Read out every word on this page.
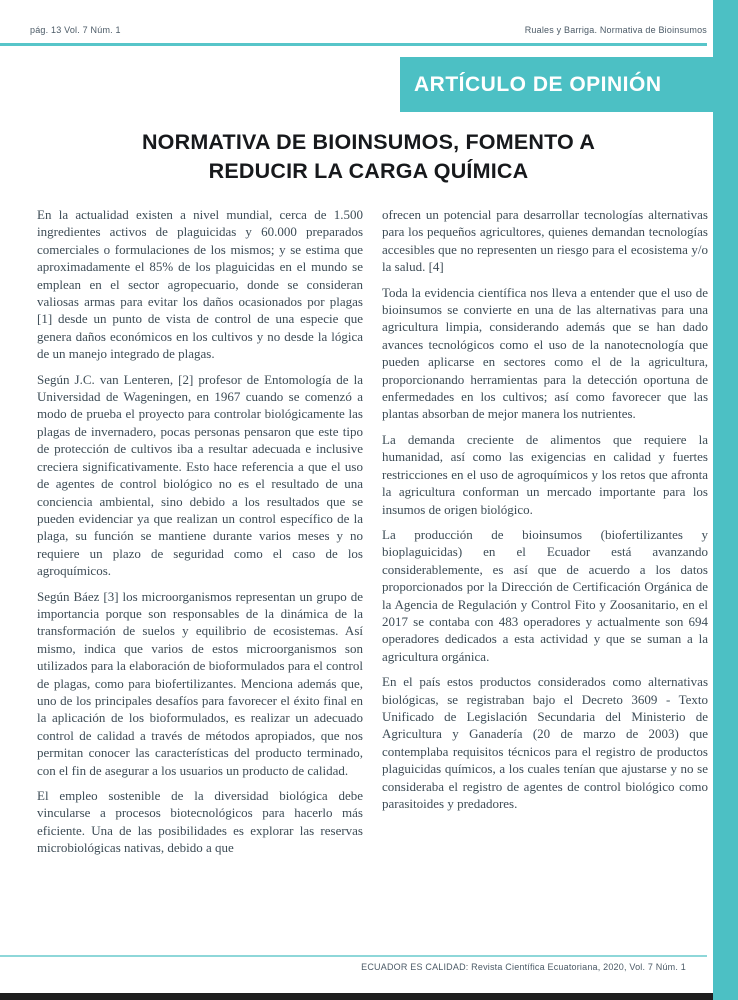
pág. 13 Vol. 7 Núm. 1	Ruales y Barriga. Normativa de Bioinsumos
ARTÍCULO DE OPINIÓN
NORMATIVA DE BIOINSUMOS, FOMENTO A
REDUCIR LA CARGA QUÍMICA

En la actualidad existen a nivel mundial, cerca de 1.500 ingredientes activos de plaguicidas y 60.000 preparados comerciales o formulaciones de los mismos; y se estima que aproximadamente el 85% de los plaguicidas en el mundo se emplean en el sector agropecuario, donde se consideran valiosas armas para evitar los daños ocasionados por plagas [1] desde un punto de vista de control de una especie que genera daños económicos en los cultivos y no desde la lógica de un manejo integrado de plagas.

Según J.C. van Lenteren, [2] profesor de Entomología de la Universidad de Wageningen, en 1967 cuando se comenzó a modo de prueba el proyecto para controlar biológicamente las plagas de invernadero, pocas personas pensaron que este tipo de protección de cultivos iba a resultar adecuada e inclusive creciera significativamente. Esto hace referencia a que el uso de agentes de control biológico no es el resultado de una conciencia ambiental, sino debido a los resultados que se pueden evidenciar ya que realizan un control específico de la plaga, su función se mantiene durante varios meses y no requiere un plazo de seguridad como el caso de los agroquímicos.

Según Báez [3] los microorganismos representan un grupo de importancia porque son responsables de la dinámica de la transformación de suelos y equilibrio de ecosistemas. Así mismo, indica que varios de estos microorganismos son utilizados para la elaboración de bioformulados para el control de plagas, como para biofertilizantes. Menciona además que, uno de los principales desafíos para favorecer el éxito final en la aplicación de los bioformulados, es realizar un adecuado control de calidad a través de métodos apropiados, que nos permitan conocer las características del producto terminado, con el fin de asegurar a los usuarios un producto de calidad.

El empleo sostenible de la diversidad biológica debe vincularse a procesos biotecnológicos para hacerlo más eficiente. Una de las posibilidades es explorar las reservas microbiológicas nativas, debido a que

ofrecen un potencial para desarrollar tecnologías alternativas para los pequeños agricultores, quienes demandan tecnologías accesibles que no representen un riesgo para el ecosistema y/o la salud. [4]

Toda la evidencia científica nos lleva a entender que el uso de bioinsumos se convierte en una de las alternativas para una agricultura limpia, considerando además que se han dado avances tecnológicos como el uso de la nanotecnología que pueden aplicarse en sectores como el de la agricultura, proporcionando herramientas para la detección oportuna de enfermedades en los cultivos; así como favorecer que las plantas absorban de mejor manera los nutrientes.

La demanda creciente de alimentos que requiere la humanidad, así como las exigencias en calidad y fuertes restricciones en el uso de agroquímicos y los retos que afronta la agricultura conforman un mercado importante para los insumos de origen biológico.

La producción de bioinsumos (biofertilizantes y bioplaguicidas) en el Ecuador está avanzando considerablemente, es así que de acuerdo a los datos proporcionados por la Dirección de Certificación Orgánica de la Agencia de Regulación y Control Fito y Zoosanitario, en el 2017 se contaba con 483 operadores y actualmente son 694 operadores dedicados a esta actividad y que se suman a la agricultura orgánica.

En el país estos productos considerados como alternativas biológicas, se registraban bajo el Decreto 3609 - Texto Unificado de Legislación Secundaria del Ministerio de Agricultura y Ganadería (20 de marzo de 2003) que contemplaba requisitos técnicos para el registro de productos plaguicidas químicos, a los cuales tenían que ajustarse y no se consideraba el registro de agentes de control biológico como parasitoides y predadores.

ECUADOR ES CALIDAD: Revista Científica Ecuatoriana, 2020, Vol. 7 Núm. 1
